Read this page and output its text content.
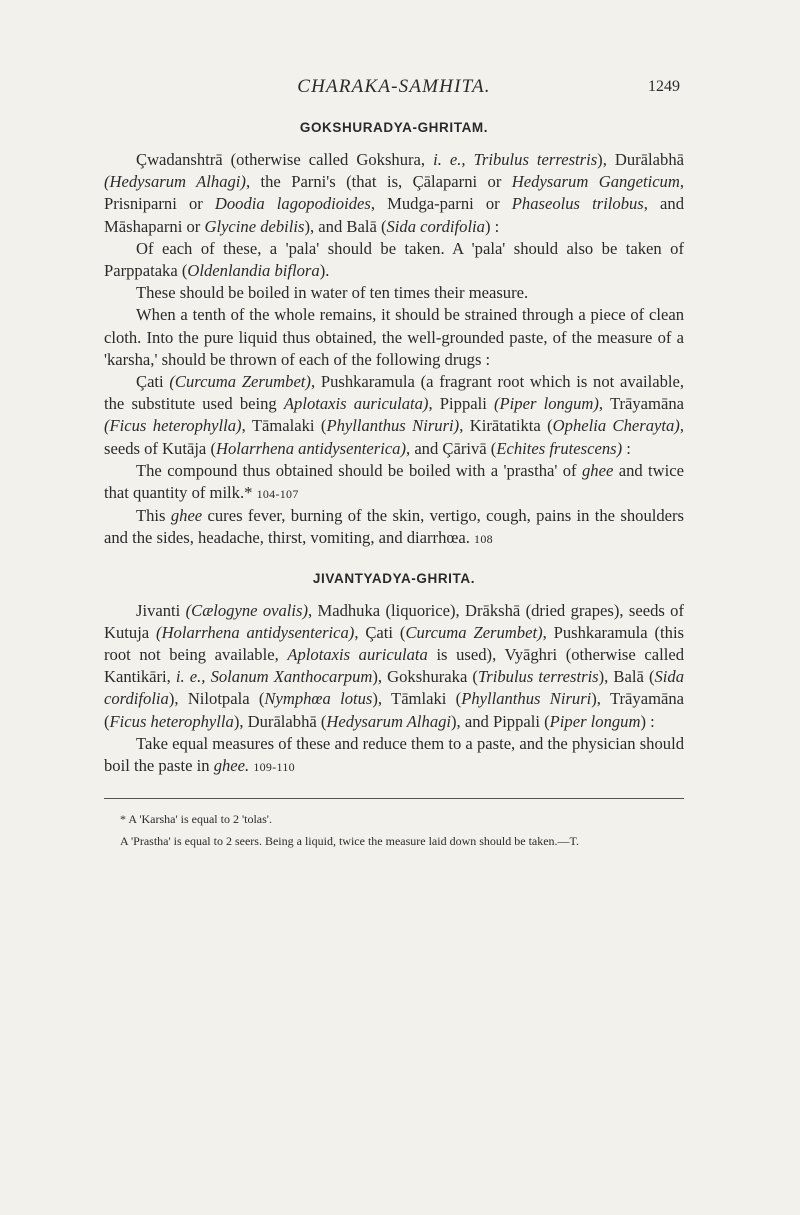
CHARAKA-SAMHITA.	1249
GOKSHURADYA-GHRITAM.

Çwadanshtrā (otherwise called Gokshura, i. e., Tribulus terrestris), Durālabhā (Hedysarum Alhagi), the Parni's (that is, Çālaparni or Hedysarum Gangeticum, Prisniparni or Doodia lagopodioides, Mudga-parni or Phaseolus trilobus, and Māshaparni or Glycine debilis), and Balā (Sida cordifolia) :

Of each of these, a 'pala' should be taken. A 'pala' should also be taken of Parppataka (Oldenlandia biflora).

These should be boiled in water of ten times their measure.

When a tenth of the whole remains, it should be strained through a piece of clean cloth. Into the pure liquid thus obtained, the well-grounded paste, of the measure of a 'karsha,' should be thrown of each of the following drugs :

Çati (Curcuma Zerumbet), Pushkaramula (a fragrant root which is not available, the substitute used being Aplotaxis auriculata), Pippali (Piper longum), Trāyamāna (Ficus heterophylla), Tāmalaki (Phyllanthus Niruri), Kirātatikta (Ophelia Cherayta), seeds of Kutāja (Holarrhena antidysenterica), and Çārivā (Echites frutescens) :

The compound thus obtained should be boiled with a 'prastha' of ghee and twice that quantity of milk.* 104-107

This ghee cures fever, burning of the skin, vertigo, cough, pains in the shoulders and the sides, headache, thirst, vomiting, and diarrhœa. 108

JIVANTYADYA-GHRITA.

Jivanti (Cælogyne ovalis), Madhuka (liquorice), Drākshā (dried grapes), seeds of Kutuja (Holarrhena antidysenterica), Çati (Curcuma Zerumbet), Pushkaramula (this root not being available, Aplotaxis auriculata is used), Vyāghri (otherwise called Kantikāri, i. e., Solanum Xanthocarpum), Gokshuraka (Tribulus terrestris), Balā (Sida cordifolia), Nilotpala (Nymphœa lotus), Tāmlaki (Phyllanthus Niruri), Trāyamāna (Ficus heterophylla), Durālabhā (Hedysarum Alhagi), and Pippali (Piper longum) :

Take equal measures of these and reduce them to a paste, and the physician should boil the paste in ghee. 109-110

* A 'Karsha' is equal to 2 'tolas'.

A 'Prastha' is equal to 2 seers. Being a liquid, twice the measure laid down should be taken.—T.
